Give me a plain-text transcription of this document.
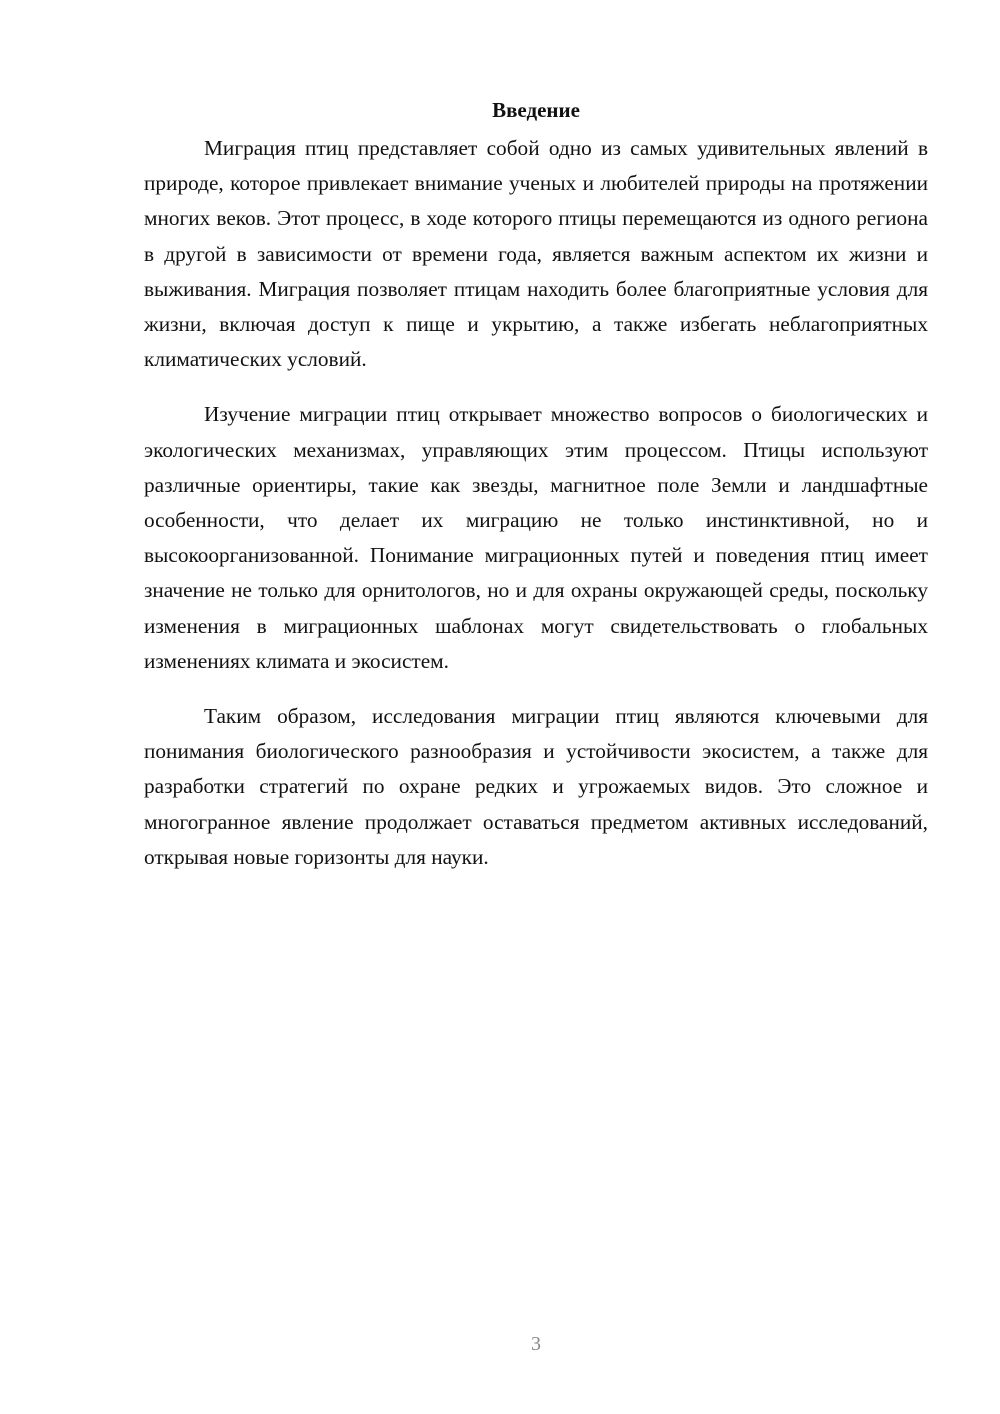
Введение

Миграция птиц представляет собой одно из самых удивительных явлений в природе, которое привлекает внимание ученых и любителей природы на протяжении многих веков. Этот процесс, в ходе которого птицы перемещаются из одного региона в другой в зависимости от времени года, является важным аспектом их жизни и выживания. Миграция позволяет птицам находить более благоприятные условия для жизни, включая доступ к пище и укрытию, а также избегать неблагоприятных климатических условий.

Изучение миграции птиц открывает множество вопросов о биологических и экологических механизмах, управляющих этим процессом. Птицы используют различные ориентиры, такие как звезды, магнитное поле Земли и ландшафтные особенности, что делает их миграцию не только инстинктивной, но и высокоорганизованной. Понимание миграционных путей и поведения птиц имеет значение не только для орнитологов, но и для охраны окружающей среды, поскольку изменения в миграционных шаблонах могут свидетельствовать о глобальных изменениях климата и экосистем.

Таким образом, исследования миграции птиц являются ключевыми для понимания биологического разнообразия и устойчивости экосистем, а также для разработки стратегий по охране редких и угрожаемых видов. Это сложное и многогранное явление продолжает оставаться предметом активных исследований, открывая новые горизонты для науки.

3
